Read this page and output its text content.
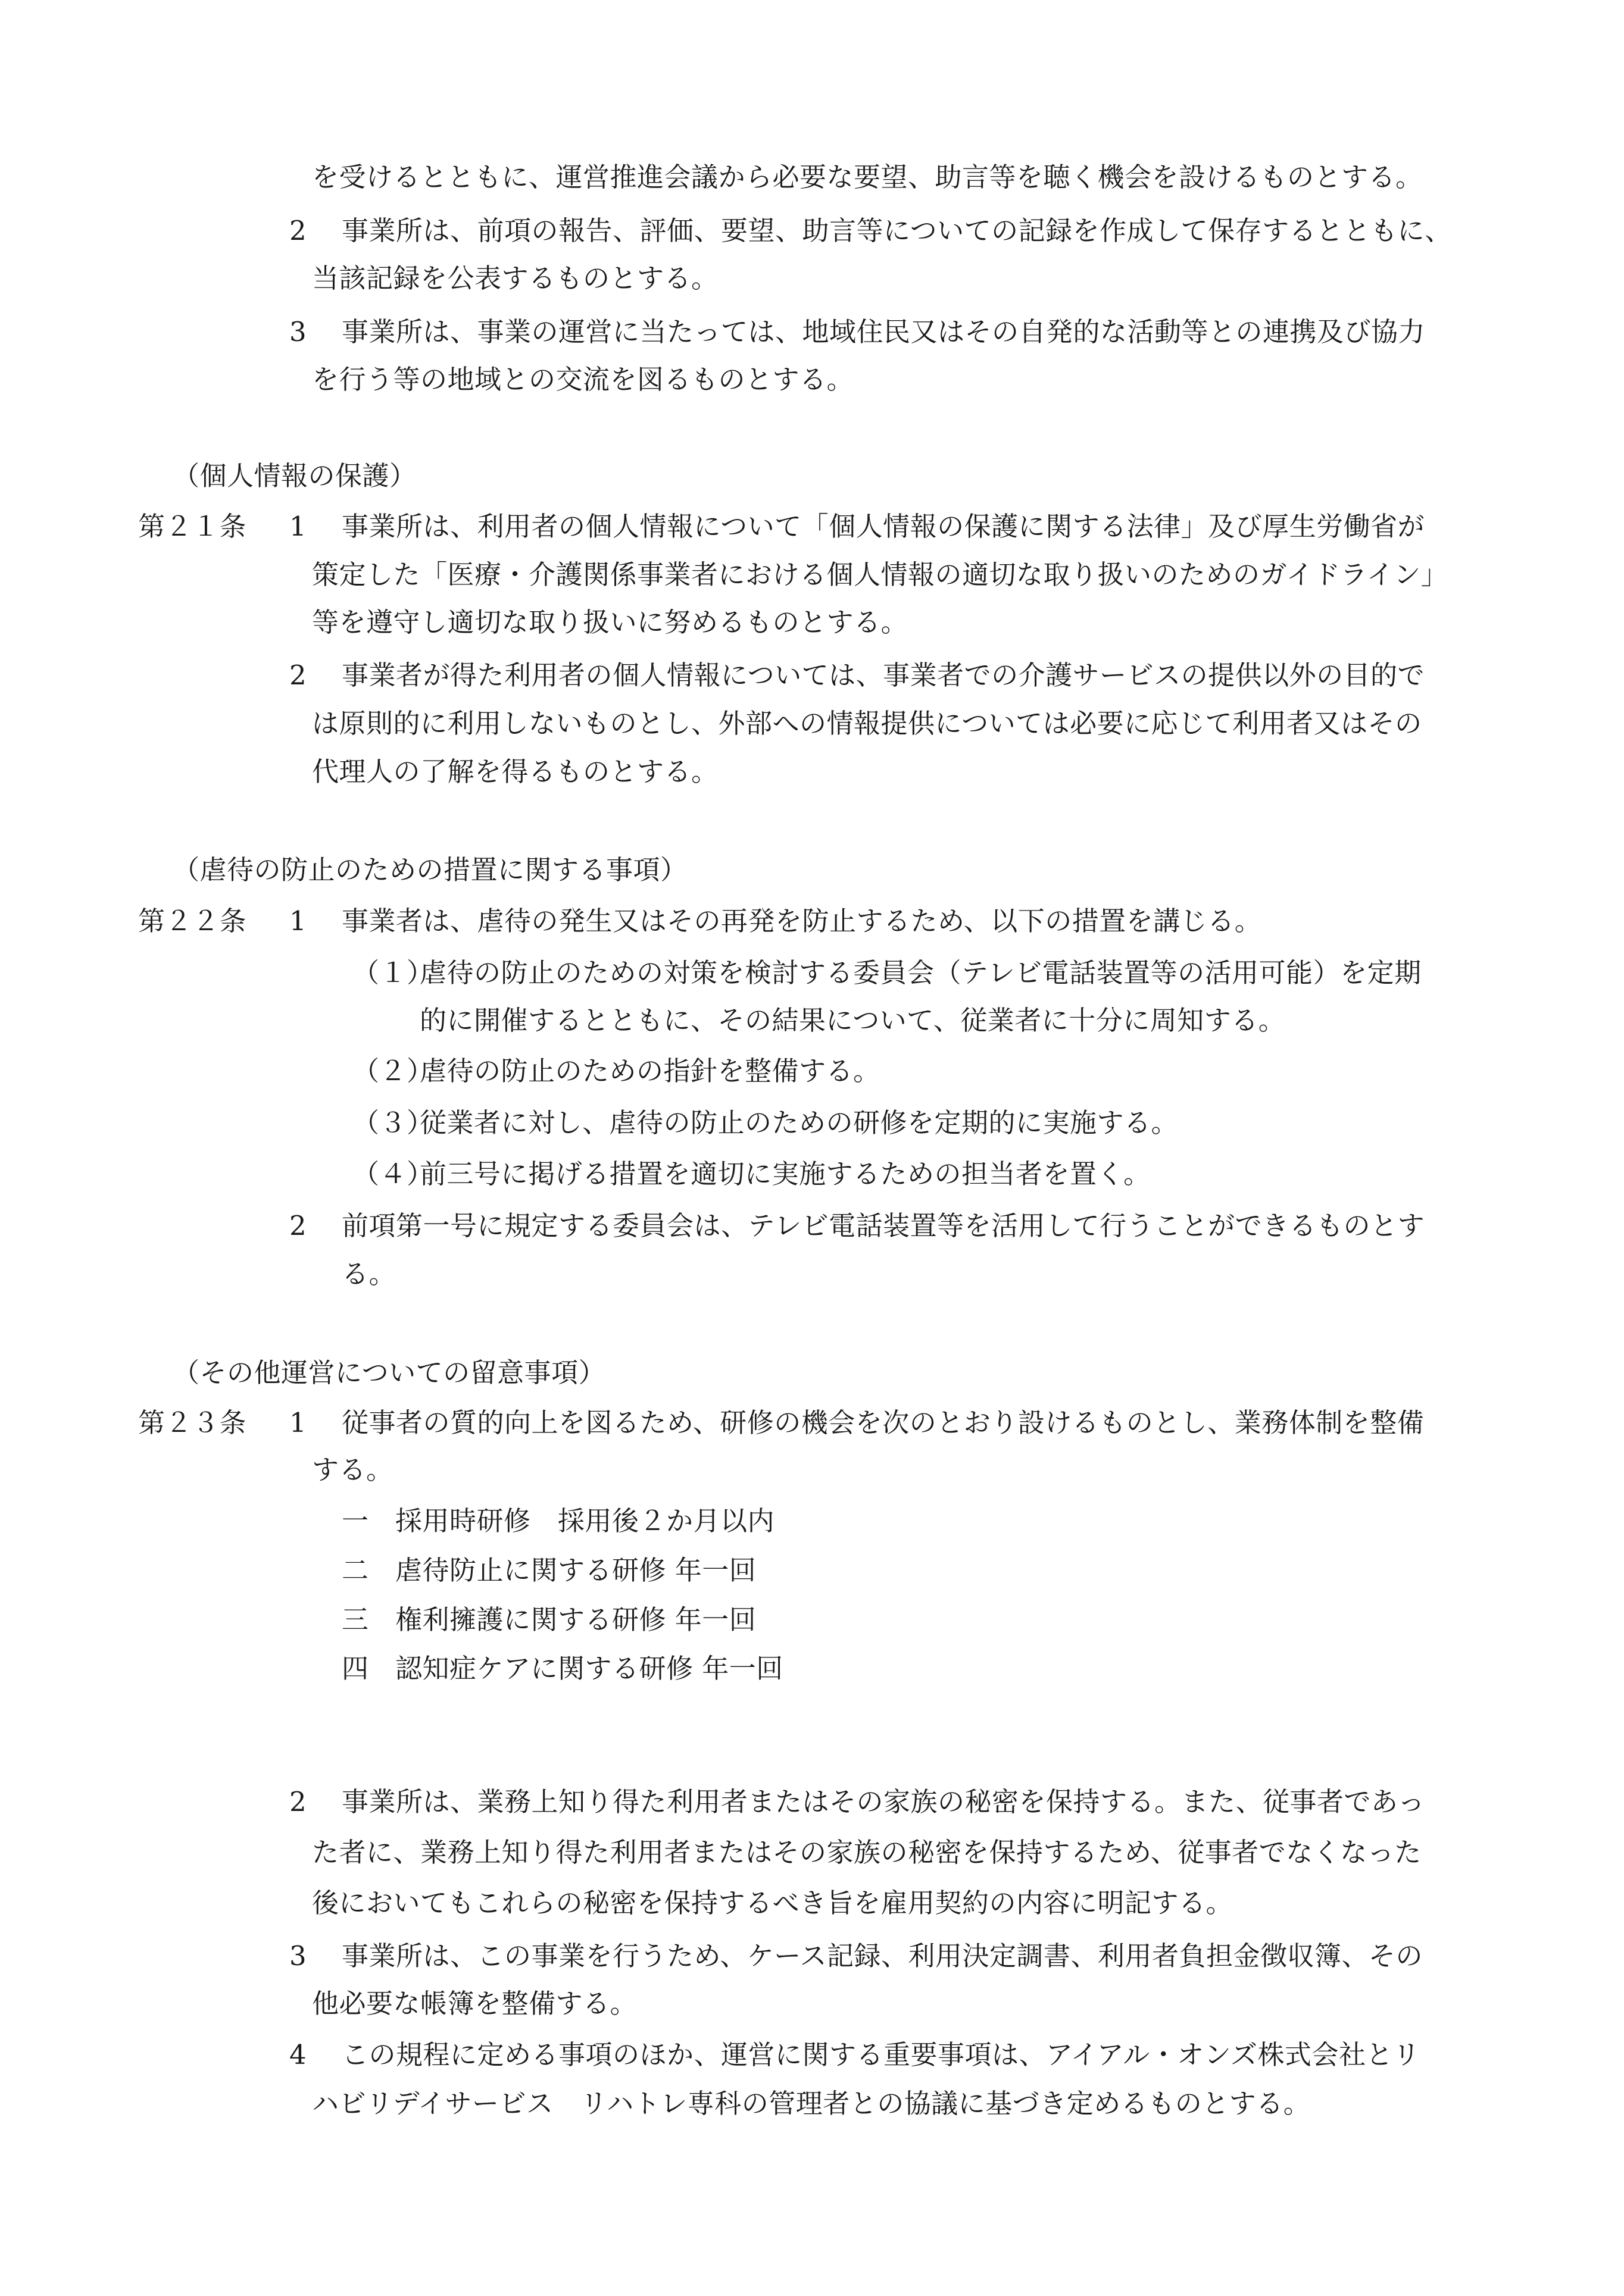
を受けるとともに、運営推進会議から必要な要望、助言等を聴く機会を設けるものとする。
2 事業所は、前項の報告、評価、要望、助言等についての記録を作成して保存するとともに、
当該記録を公表するものとする。
3 事業所は、事業の運営に当たっては、地域住民又はその自発的な活動等との連携及び協力
を行う等の地域との交流を図るものとする。
（個人情報の保護）
第２１条 1 事業所は、利用者の個人情報について「個人情報の保護に関する法律」及び厚生労働省が
策定した「医療・介護関係事業者における個人情報の適切な取り扱いのためのガイドライン」
等を遵守し適切な取り扱いに努めるものとする。
2 事業者が得た利用者の個人情報については、事業者での介護サービスの提供以外の目的で
は原則的に利用しないものとし、外部への情報提供については必要に応じて利用者又はその
代理人の了解を得るものとする。
（虐待の防止のための措置に関する事項）
第２２条 1 事業者は、虐待の発生又はその再発を防止するため、以下の措置を講じる。
（１）
虐待の防止のための対策を検討する委員会（テレビ電話装置等の活用可能）を定期
的に開催するとともに、その結果について、従業者に十分に周知する。
（２）
虐待の防止のための指針を整備する。
（３）
従業者に対し、虐待の防止のための研修を定期的に実施する。
（４）
前三号に掲げる措置を適切に実施するための担当者を置く。
2 前項第一号に規定する委員会は、テレビ電話装置等を活用して行うことができるものとす
る。
（その他運営についての留意事項）
第２３条 1 従事者の質的向上を図るため、研修の機会を次のとおり設けるものとし、業務体制を整備
する。
一 採用時研修　採用後２か月以内
二 虐待防止に関する研修 年一回
三 権利擁護に関する研修 年一回
四 認知症ケアに関する研修 年一回
2 事業所は、業務上知り得た利用者またはその家族の秘密を保持する。また、従事者であっ
た者に、業務上知り得た利用者またはその家族の秘密を保持するため、従事者でなくなった
後においてもこれらの秘密を保持するべき旨を雇用契約の内容に明記する。
3 事業所は、この事業を行うため、ケース記録、利用決定調書、利用者負担金徴収簿、その
他必要な帳簿を整備する。
4 この規程に定める事項のほか、運営に関する重要事項は、アイアル・オンズ株式会社とリ
ハビリデイサービス　リハトレ専科の管理者との協議に基づき定めるものとする。
